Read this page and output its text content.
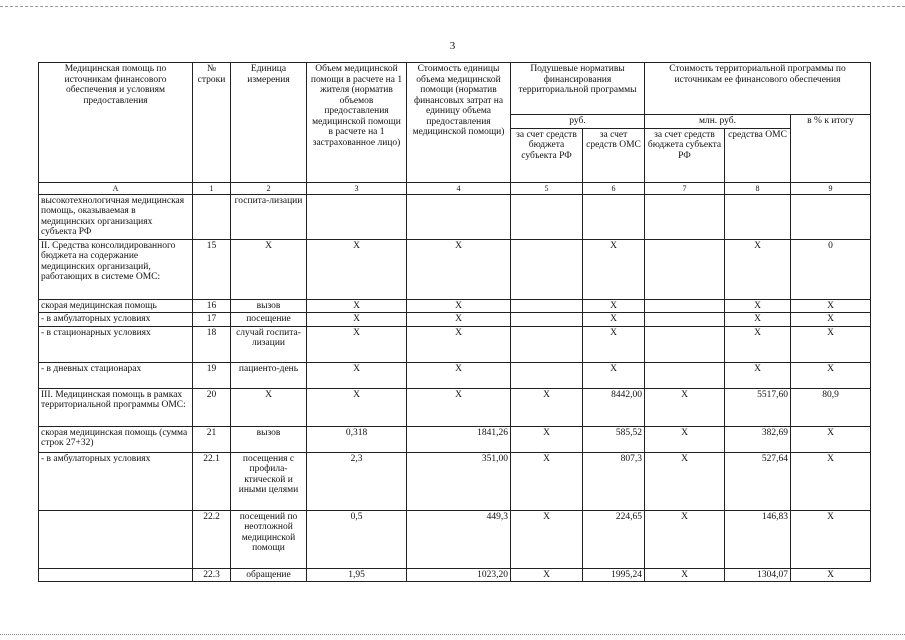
3
Медицинская помощь по источникам финансового обеспечения и условиям предоставления	№ строки	Единица измерения	Объем медицинской помощи в расчете на 1 жителя (норматив объемов предоставления медицинской помощи в расчете на 1 застрахованное лицо)	Стоимость единицы объема медицинской помощи (норматив финансовых затрат на единицу объема предоставления медицинской помощи)	Подушевые нормативы финансирования территориальной программы		Стоимость территориальной программы по источникам ее финансового обеспечения		
					руб.		млн. руб.		в % к итогу
					за счет средств бюджета субъекта РФ	за счет средств ОМС	за счет средств бюджета субъекта РФ	средства ОМС	
А	1	2	3	4	5	6	7	8	9
высокотехнологичная медицинская помощь, оказываемая в медицинских организациях субъекта РФ		госпита-лизации							
II. Средства консолидированного бюджета на содержание медицинских организаций, работающих в системе ОМС:	15	Х	Х	Х		Х		Х	0
скорая медицинская помощь	16	вызов	Х	Х		Х		Х	Х
- в амбулаторных условиях	17	посещение	Х	Х		Х		Х	Х
- в стационарных условиях	18	случай госпита-лизации	Х	Х		Х		Х	Х
- в дневных стационарах	19	пациенто-день	Х	Х		Х		Х	Х
III. Медицинская помощь в рамках территориальной программы ОМС:	20	Х	Х	Х	Х	8442,00	Х	5517,60	80,9
скорая медицинская помощь (сумма строк 27+32)	21	вызов	0,318	1841,26	Х	585,52	Х	382,69	Х
- в амбулаторных условиях	22.1	посещения с профила-ктической и иными целями	2,3	351,00	Х	807,3	Х	527,64	Х
	22.2	посещений по неотложной медицинской помощи	0,5	449,3	Х	224,65	Х	146,83	Х
	22.3	обращение	1,95	1023,20	Х	1995,24	Х	1304,07	Х
